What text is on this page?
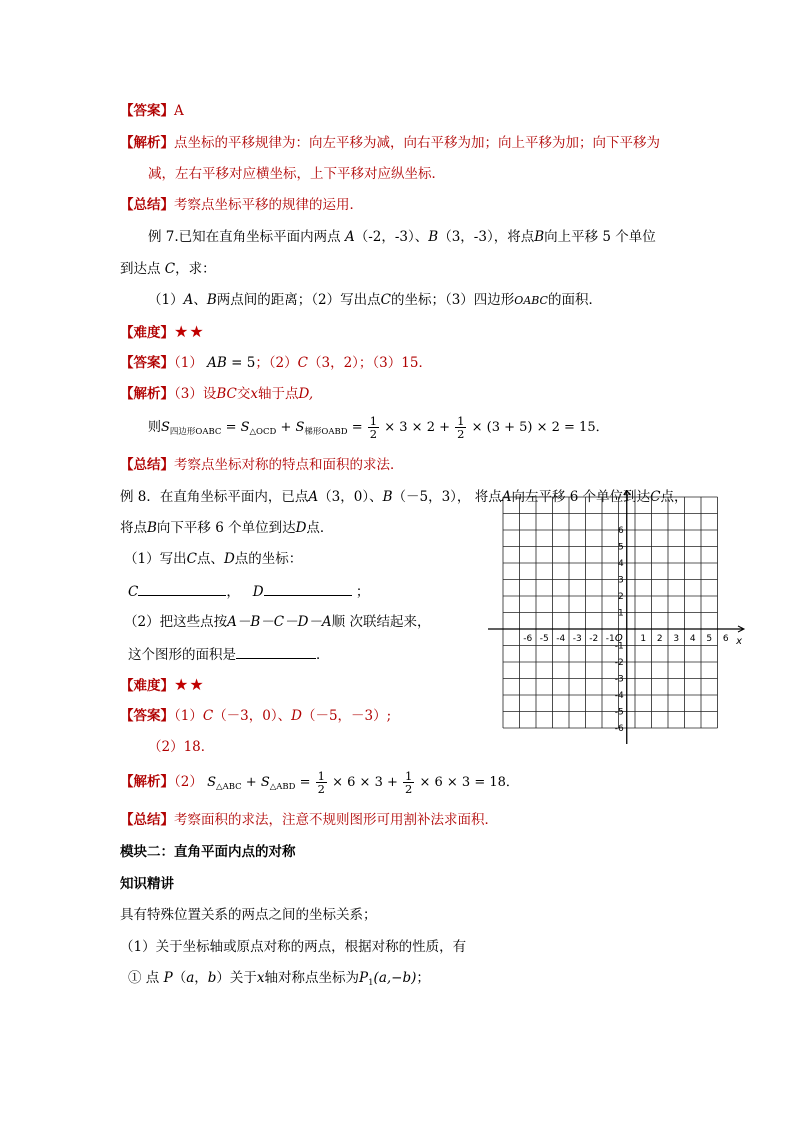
【答案】A
【解析】点坐标的平移规律为：向左平移为减，向右平移为加；向上平移为加；向下平移为
减，左右平移对应横坐标，上下平移对应纵坐标．
【总结】考察点坐标平移的规律的运用．
例 7.已知在直角坐标平面内两点 A（-2，-3）、B（3，-3），将点B向上平移 5 个单位
到达点 C，求：
（1）A、B两点间的距离；（2）写出点C的坐标；（3）四边形OABC的面积．
【难度】★★
【答案】（1） AB = 5；（2）C（3，2）；（3）15．
【解析】（3）设BC交x轴于点D,
则$S_{四边形OABC} = S_{\triangle OCD} + S_{梯形OABD} = \frac{1}{2} \times 3 \times 2 + \frac{1}{2} \times (3 + 5) \times 2 = 15$．
【总结】考察点坐标对称的特点和面积的求法．
例 8．在直角坐标平面内，已点A（3，0）、B（－5，3）， 将点A向左平移 6 个单位到达C点，
将点B向下平移 6 个单位到达D点．
（1）写出C点、D点的坐标：
C	， D	；
（2）把这些点按A－B－C－D－A顺 次联结起来，
这个图形的面积是	．
【难度】★★
【答案】（1）C（－3，0）、D（－5，－3）;
（2）18．
【解析】（2） $S_{\triangle ABC} + S_{\triangle ABD} = \frac{1}{2} \times 6 \times 3 + \frac{1}{2} \times 6 \times 3 = 18$．
【总结】考察面积的求法，注意不规则图形可用割补法求面积．
-6 -5 -4 -3 -2 -1	1 2 3 4 5 6
6
5
4
3
2
1
-1
-2
-3
-4
-5
-6
O	x
模块二：直角平面内点的对称
知识精讲
具有特殊位置关系的两点之间的坐标关系；
（1）关于坐标轴或原点对称的两点，根据对称的性质，有
① 点 P（a，b）关于x轴对称点坐标为$P_1(a,-b)$；
